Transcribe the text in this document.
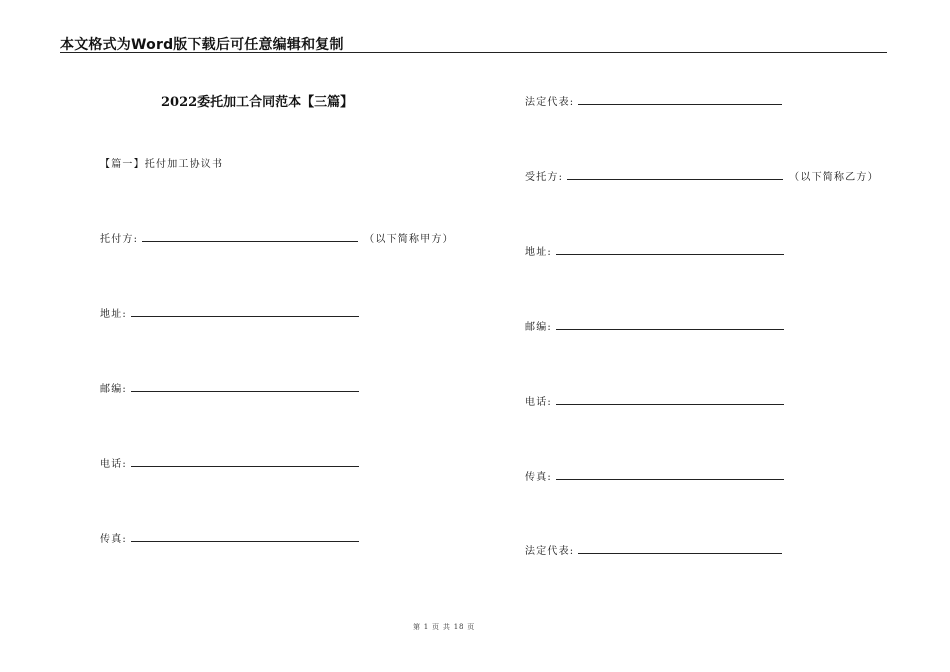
本文格式为Word版下载后可任意编辑和复制
2022委托加工合同范本【三篇】
【篇一】托付加工协议书
托付方:	（以下简称甲方）
地址:
邮编:
电话:
传真:
法定代表:
受托方:	（以下简称乙方）
地址:
邮编:
电话:
传真:
法定代表:
第 1 页 共 18 页
